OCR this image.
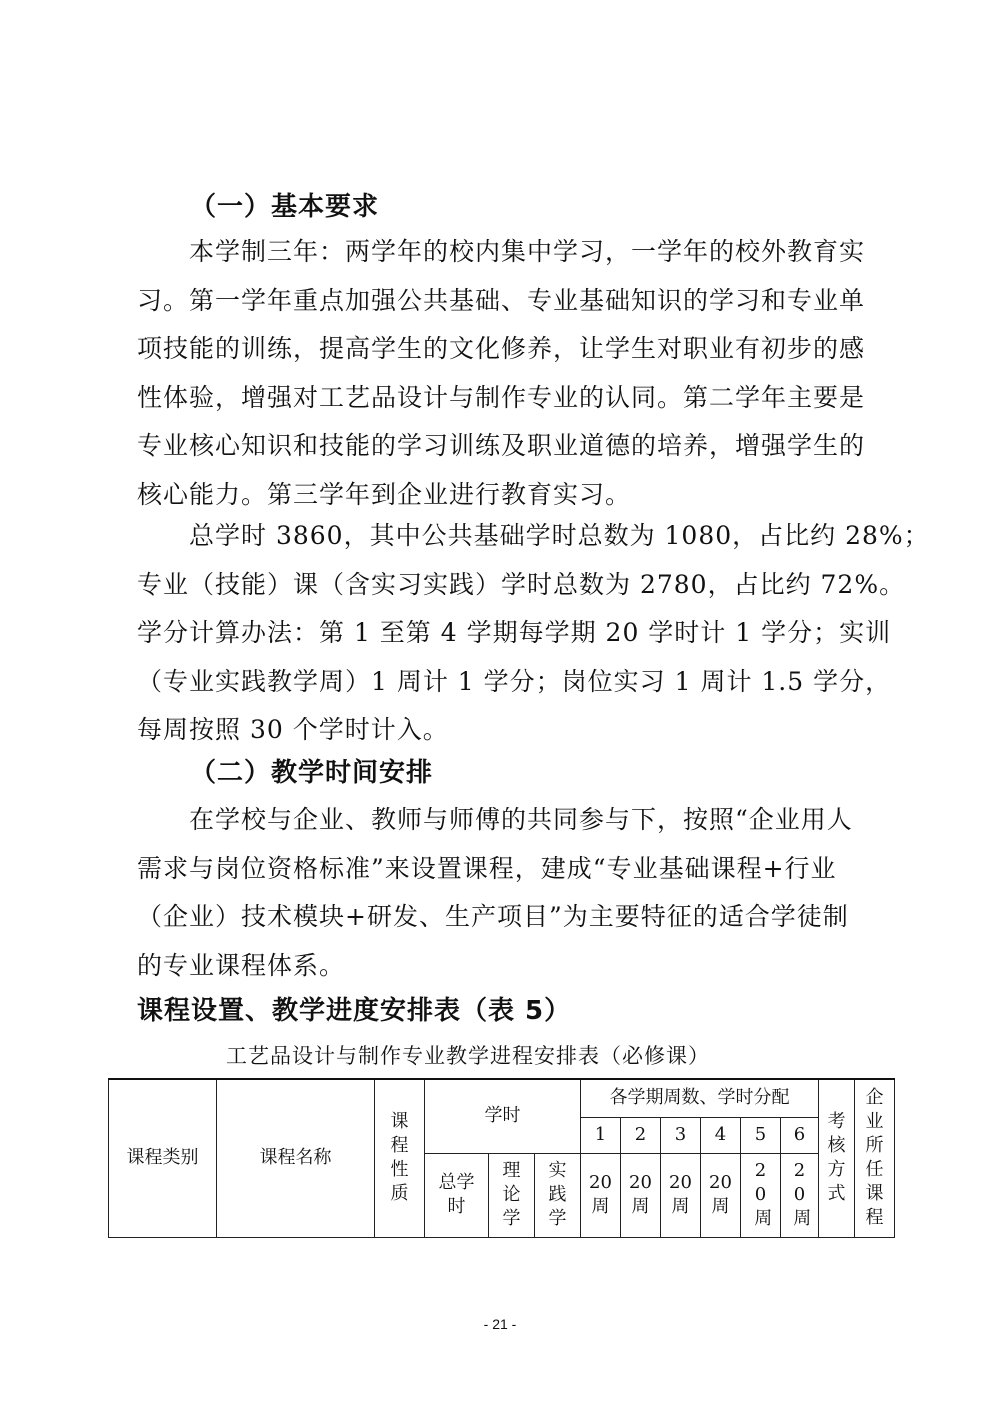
（一）基本要求
本学制三年：两学年的校内集中学习，一学年的校外教育实
习。第一学年重点加强公共基础、专业基础知识的学习和专业单
项技能的训练，提高学生的文化修养，让学生对职业有初步的感
性体验，增强对工艺品设计与制作专业的认同。第二学年主要是
专业核心知识和技能的学习训练及职业道德的培养，增强学生的
核心能力。第三学年到企业进行教育实习。
总学时 3860，其中公共基础学时总数为 1080，占比约 28%；
专业（技能）课（含实习实践）学时总数为 2780，占比约 72%。
学分计算办法：第 1 至第 4 学期每学期 20 学时计 1 学分；实训
（专业实践教学周）1 周计 1 学分；岗位实习 1 周计 1.5 学分，
每周按照 30 个学时计入。
（二）教学时间安排
在学校与企业、教师与师傅的共同参与下，按照“企业用人
需求与岗位资格标准”来设置课程，建成“专业基础课程+行业
（企业）技术模块+研发、生产项目”为主要特征的适合学徒制
的专业课程体系。
课程设置、教学进度安排表（表 5）
工艺品设计与制作专业教学进程安排表（必修课）
课程类别	课程名称	课程性质	学时			各学期周数、学时分配						考核方式	企业所任课程
						1	2	3	4	5	6		
			总学时	理论学	实践学	20周	20周	20周	20周	20周	20周		
- 21 -
